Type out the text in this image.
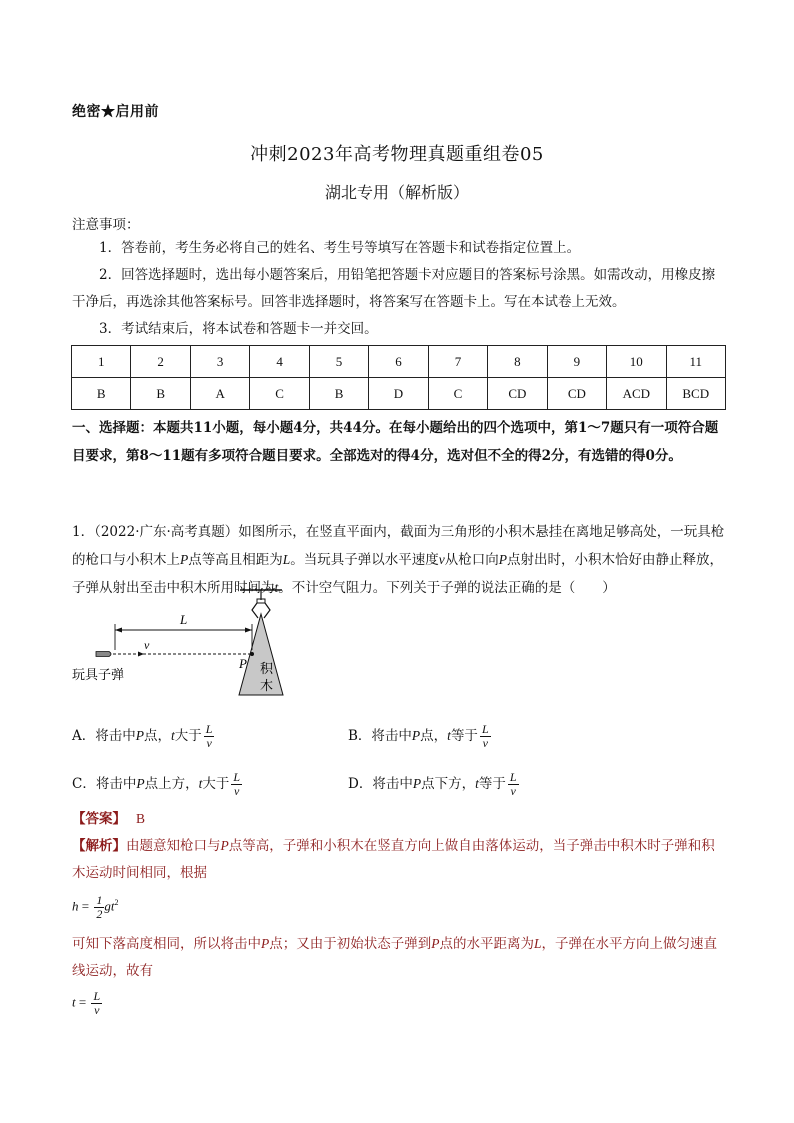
绝密★启用前
冲刺2023年高考物理真题重组卷05
湖北专用（解析版）
注意事项：
1．答卷前，考生务必将自己的姓名、考生号等填写在答题卡和试卷指定位置上。
2．回答选择题时，选出每小题答案后，用铅笔把答题卡对应题目的答案标号涂黑。如需改动，用橡皮擦干净后，再选涂其他答案标号。回答非选择题时，将答案写在答题卡上。写在本试卷上无效。
3．考试结束后，将本试卷和答题卡一并交回。
1	2	3	4	5	6	7	8	9	10	11
B	B	A	C	B	D	C	CD	CD	ACD	BCD
一、选择题：本题共11小题，每小题4分，共44分。在每小题给出的四个选项中，第1～7题只有一项符合题目要求，第8～11题有多项符合题目要求。全部选对的得4分，选对但不全的得2分，有选错的得0分。
1．（2022·广东·高考真题）如图所示，在竖直平面内，截面为三角形的小积木悬挂在离地足够高处，一玩具枪的枪口与小积木上P点等高且相距为L。当玩具子弹以水平速度v从枪口向P点射出时，小积木恰好由静止释放，子弹从射出至击中积木所用时间为t。不计空气阻力。下列关于子弹的说法正确的是（　　）
积
木
L
v
P
玩具子弹
A．将击中P点，t大于 $\frac{L}{v}$	B．将击中P点，t等于 $\frac{L}{v}$
C．将击中P点上方，t大于 $\frac{L}{v}$	D．将击中P点下方，t等于 $\frac{L}{v}$
【答案】 B
【解析】由题意知枪口与P点等高，子弹和小积木在竖直方向上做自由落体运动，当子弹击中积木时子弹和积木运动时间相同，根据
$h = \frac{1}{2} gt^2$
可知下落高度相同，所以将击中P点；又由于初始状态子弹到P点的水平距离为L，子弹在水平方向上做匀速直线运动，故有
$t = \frac{L}{v}$
